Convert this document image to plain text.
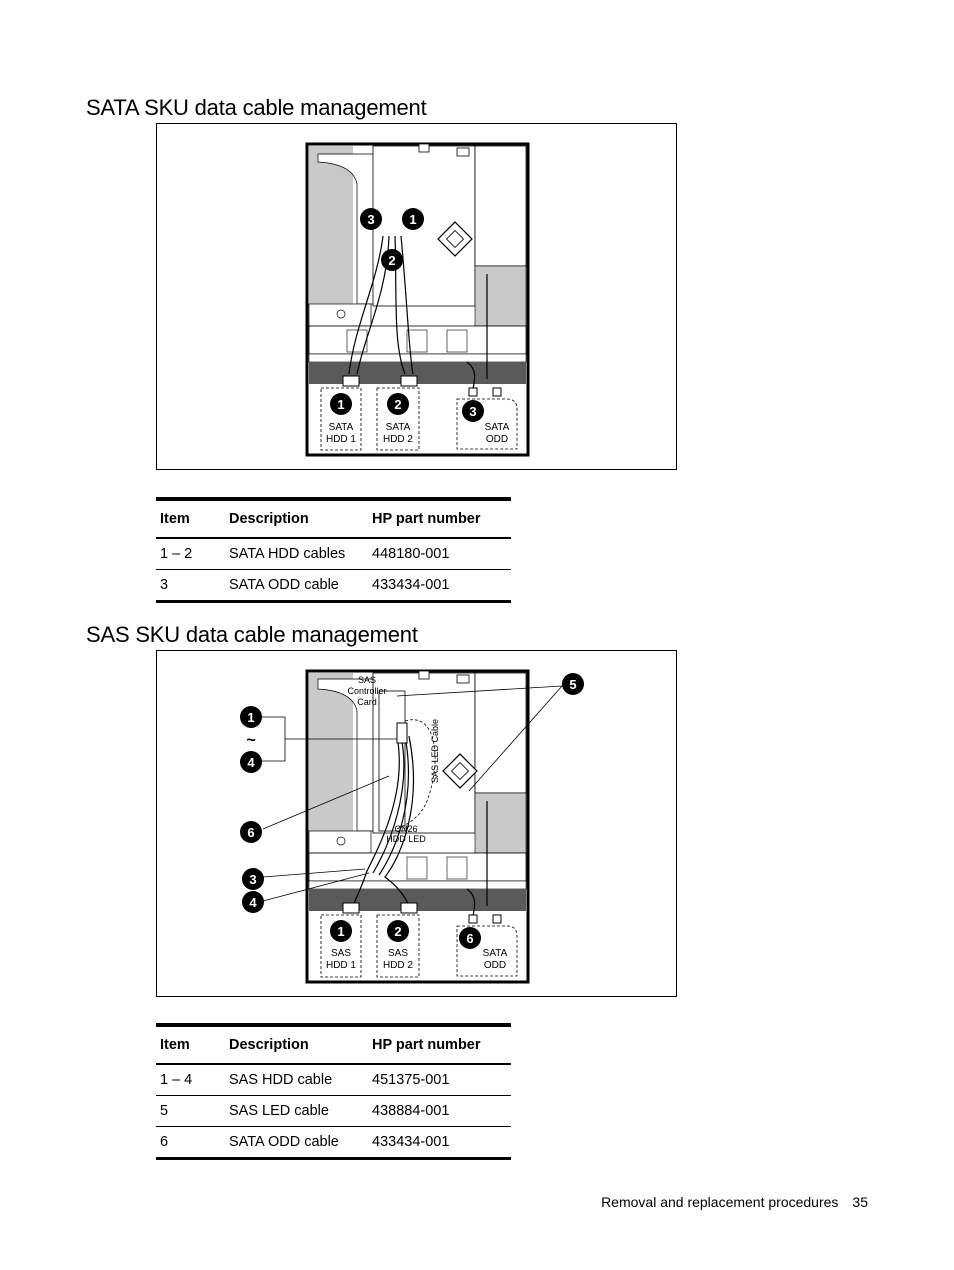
SATA SKU data cable management
3	1
2
1	2	3
SATA
HDD 1
SATA
HDD 2
SATA
ODD
Item	Description	HP part number
1 – 2	SATA HDD cables	448180-001
3	SATA ODD cable	433434-001
SAS SKU data cable management
5
1
~
4
6
3
4
1	2	6
SAS
Controller
Card
SAS LED Cable
CN26
HDD LED
SAS
HDD 1
SAS
HDD 2
SATA
ODD
Item	Description	HP part number
1 – 4	SAS HDD cable	451375-001
5	SAS LED cable	438884-001
6	SATA ODD cable	433434-001
Removal and replacement procedures 35
